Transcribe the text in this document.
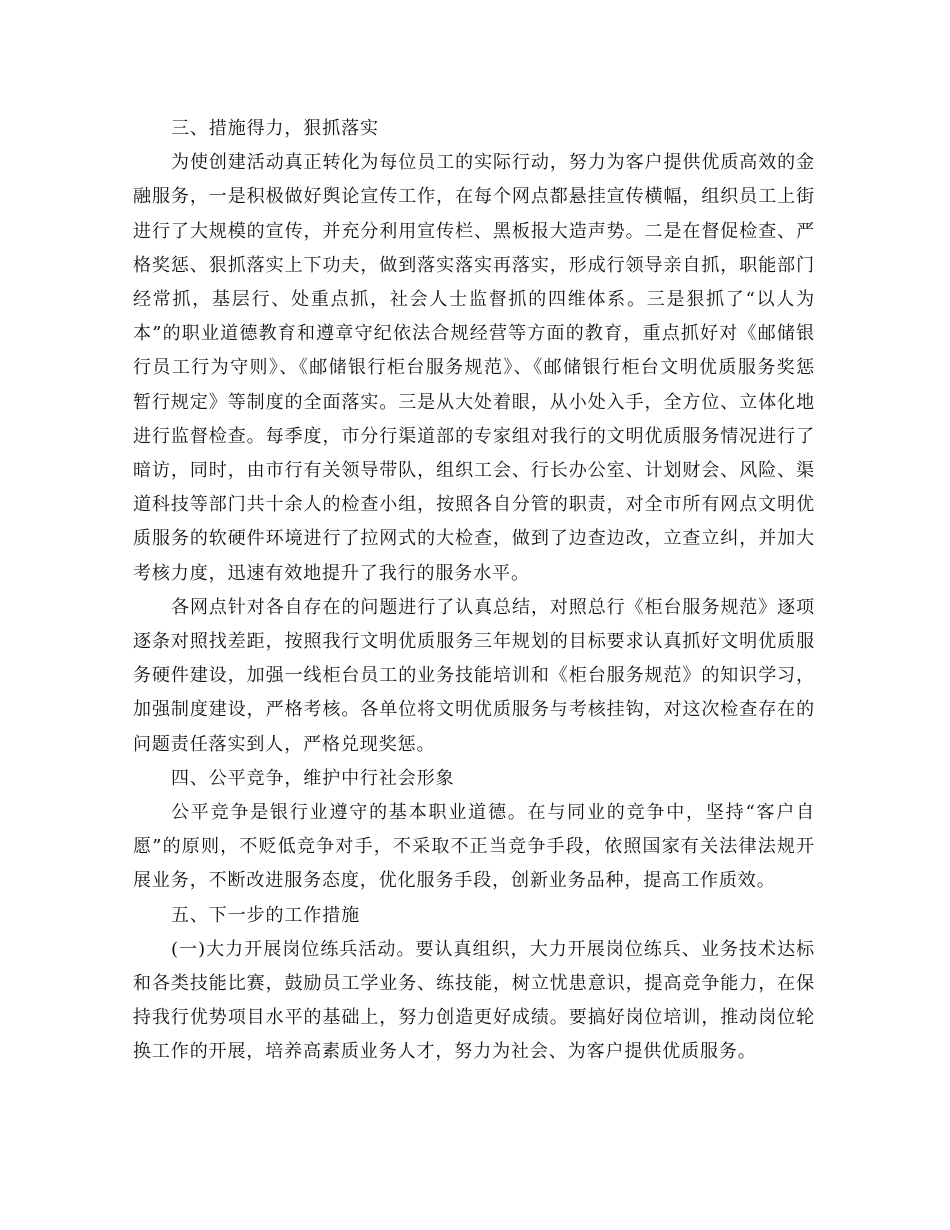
三、措施得力，狠抓落实

为使创建活动真正转化为每位员工的实际行动，努力为客户提供优质高效的金融服务，一是积极做好舆论宣传工作，在每个网点都悬挂宣传横幅，组织员工上街进行了大规模的宣传，并充分利用宣传栏、黑板报大造声势。二是在督促检查、严格奖惩、狠抓落实上下功夫，做到落实落实再落实，形成行领导亲自抓，职能部门经常抓，基层行、处重点抓，社会人士监督抓的四维体系。三是狠抓了“以人为本”的职业道德教育和遵章守纪依法合规经营等方面的教育，重点抓好对《邮储银行员工行为守则》、《邮储银行柜台服务规范》、《邮储银行柜台文明优质服务奖惩暂行规定》等制度的全面落实。三是从大处着眼，从小处入手，全方位、立体化地进行监督检查。每季度，市分行渠道部的专家组对我行的文明优质服务情况进行了暗访，同时，由市行有关领导带队，组织工会、行长办公室、计划财会、风险、渠道科技等部门共十余人的检查小组，按照各自分管的职责，对全市所有网点文明优质服务的软硬件环境进行了拉网式的大检查，做到了边查边改，立查立纠，并加大考核力度，迅速有效地提升了我行的服务水平。

各网点针对各自存在的问题进行了认真总结，对照总行《柜台服务规范》逐项逐条对照找差距，按照我行文明优质服务三年规划的目标要求认真抓好文明优质服务硬件建设，加强一线柜台员工的业务技能培训和《柜台服务规范》的知识学习，加强制度建设，严格考核。各单位将文明优质服务与考核挂钩，对这次检查存在的问题责任落实到人，严格兑现奖惩。

四、公平竞争，维护中行社会形象

公平竞争是银行业遵守的基本职业道德。在与同业的竞争中，坚持“客户自愿”的原则，不贬低竞争对手，不采取不正当竞争手段，依照国家有关法律法规开展业务，不断改进服务态度，优化服务手段，创新业务品种，提高工作质效。

五、下一步的工作措施

(一)大力开展岗位练兵活动。要认真组织，大力开展岗位练兵、业务技术达标和各类技能比赛，鼓励员工学业务、练技能，树立忧患意识，提高竞争能力，在保持我行优势项目水平的基础上，努力创造更好成绩。要搞好岗位培训，推动岗位轮换工作的开展，培养高素质业务人才，努力为社会、为客户提供优质服务。
